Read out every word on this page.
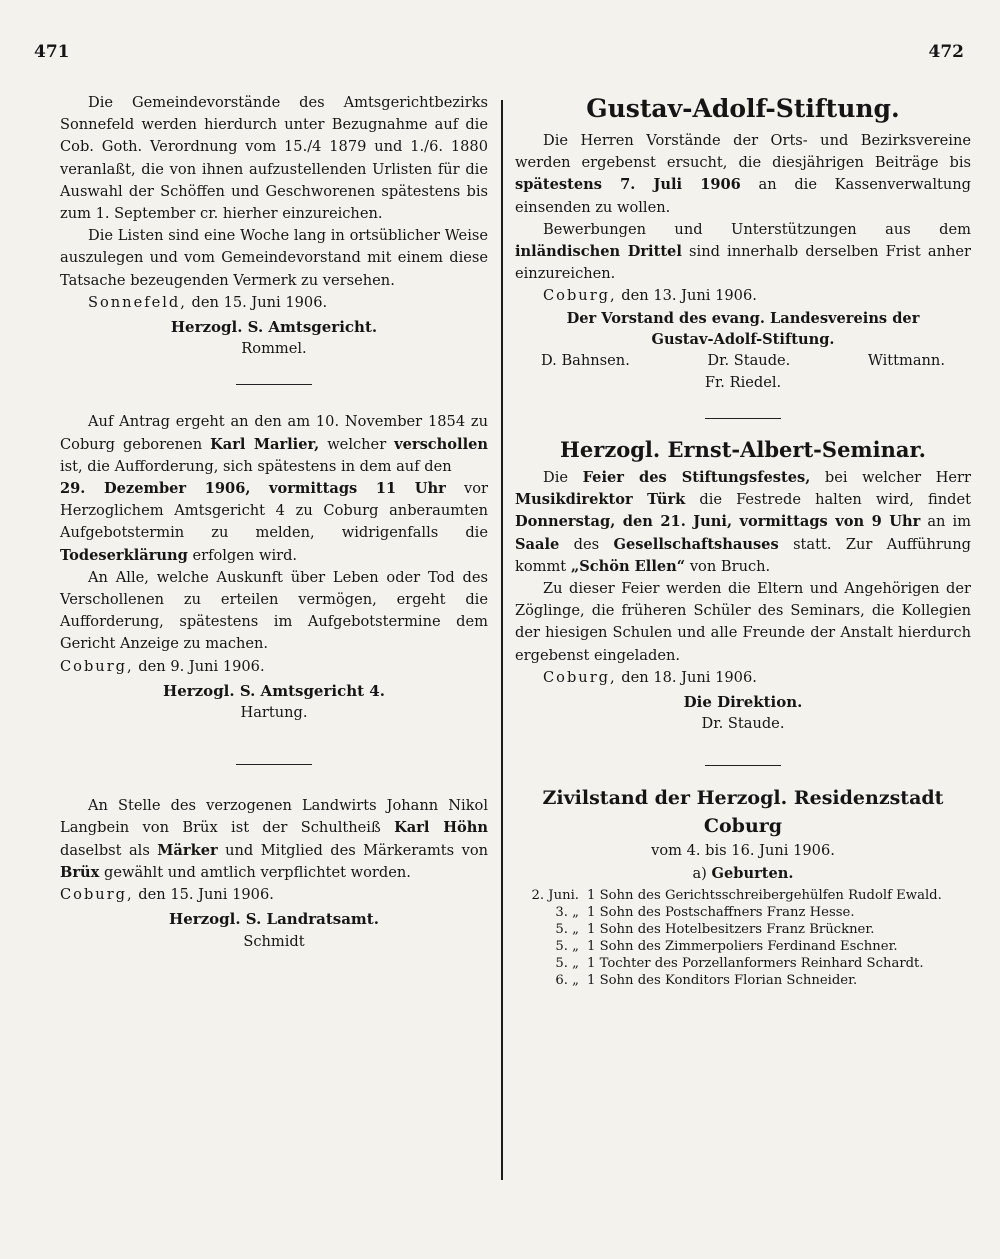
471	472

Die Gemeindevorstände des Amtsgerichtbezirks Sonnefeld werden hierdurch unter Bezugnahme auf die Cob. Goth. Verordnung vom 15./4 1879 und 1./6. 1880 veranlaßt, die von ihnen aufzustellenden Urlisten für die Auswahl der Schöffen und Geschworenen spätestens bis zum 1. September cr. hierher einzureichen.

Die Listen sind eine Woche lang in ortsüblicher Weise auszulegen und vom Gemeindevorstand mit einem diese Tatsache bezeugenden Vermerk zu versehen.

Sonnefeld, den 15. Juni 1906.
Herzogl. S. Amtsgericht.
Rommel.

Auf Antrag ergeht an den am 10. November 1854 zu Coburg geborenen Karl Marlier, welcher verschollen ist, die Aufforderung, sich spätestens in dem auf den
29. Dezember 1906, vormittags 11 Uhr vor Herzoglichem Amtsgericht 4 zu Coburg anberaumten Aufgebotstermin zu melden, widrigenfalls die Todeserklärung erfolgen wird.

An Alle, welche Auskunft über Leben oder Tod des Verschollenen zu erteilen vermögen, ergeht die Aufforderung, spätestens im Aufgebotstermine dem Gericht Anzeige zu machen.

Coburg, den 9. Juni 1906.
Herzogl. S. Amtsgericht 4.
Hartung.

An Stelle des verzogenen Landwirts Johann Nikol Langbein von Brüx ist der Schultheiß Karl Höhn daselbst als Märker und Mitglied des Märkeramts von Brüx gewählt und amtlich verpflichtet worden.

Coburg, den 15. Juni 1906.
Herzogl. S. Landratsamt.
Schmidt
Gustav-Adolf-Stiftung.

Die Herren Vorstände der Orts- und Bezirksvereine werden ergebenst ersucht, die diesjährigen Beiträge bis spätestens 7. Juli 1906 an die Kassenverwaltung einsenden zu wollen.

Bewerbungen und Unterstützungen aus dem inländischen Drittel sind innerhalb derselben Frist anher einzureichen.

Coburg, den 13. Juni 1906.
Der Vorstand des evang. Landesvereins der
Gustav-Adolf-Stiftung.
D. Bahnsen.	Dr. Staude.	Wittmann.
Fr. Riedel.
Herzogl. Ernst-Albert-Seminar.

Die Feier des Stiftungsfestes, bei welcher Herr Musikdirektor Türk die Festrede halten wird, findet Donnerstag, den 21. Juni, vormittags von 9 Uhr an im Saale des Gesellschaftshauses statt. Zur Aufführung kommt „Schön Ellen“ von Bruch.

Zu dieser Feier werden die Eltern und Angehörigen der Zöglinge, die früheren Schüler des Seminars, die Kollegien der hiesigen Schulen und alle Freunde der Anstalt hierdurch ergebenst eingeladen.

Coburg, den 18. Juni 1906.
Die Direktion.
Dr. Staude.
Zivilstand der Herzogl. Residenzstadt Coburg
vom 4. bis 16. Juni 1906.
a) Geburten.
2. Juni.	1 Sohn des Gerichtsschreibergehülfen Rudolf Ewald.
3. „	1 Sohn des Postschaffners Franz Hesse.
5. „	1 Sohn des Hotelbesitzers Franz Brückner.
5. „	1 Sohn des Zimmerpoliers Ferdinand Eschner.
5. „	1 Tochter des Porzellanformers Reinhard Schardt.
6. „	1 Sohn des Konditors Florian Schneider.
